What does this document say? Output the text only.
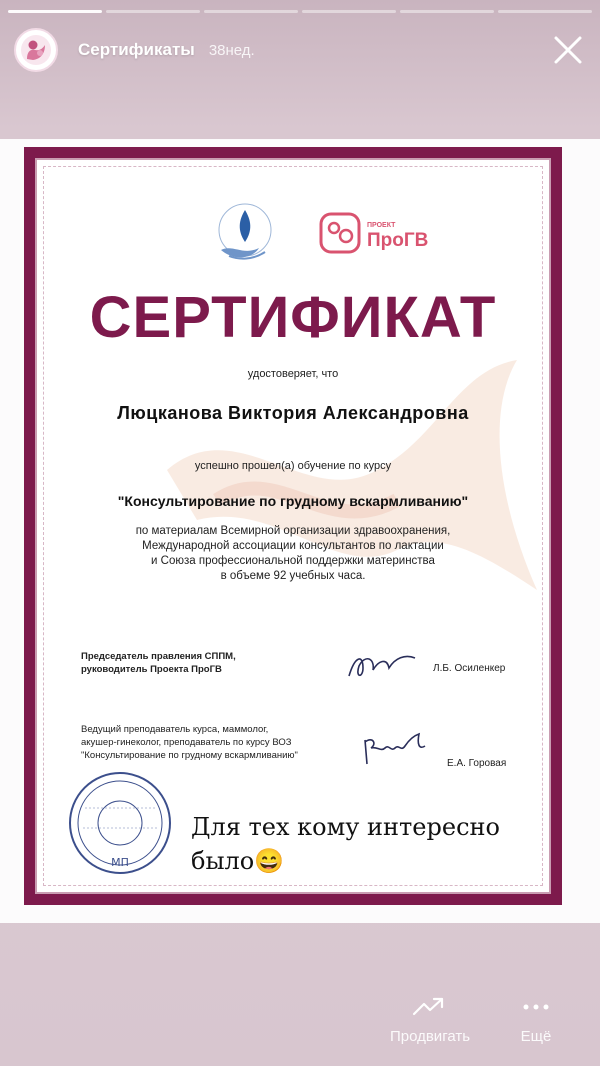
Сертификаты 38нед.
ПРОЕКТ
ПроГВ
СЕРТИФИКАТ
удостоверяет, что
Люцканова Виктория Александровна
успешно прошел(а) обучение по курсу
"Консультирование по грудному вскармливанию"
по материалам Всемирной организации здравоохранения,
Международной ассоциации консультантов по лактации
и Союза профессиональной поддержки материнства
в объеме 92 учебных часа.
Председатель правления СППМ,
руководитель Проекта ПроГВ	Л.Б. Осиленкер
Ведущий преподаватель курса, маммолог,
акушер-гинеколог, преподаватель по курсу ВОЗ
"Консультирование по грудному вскармливанию"
Е.А. Горовая
МП
Для тех кому интересно
было😄
Продвигать	Ещё
